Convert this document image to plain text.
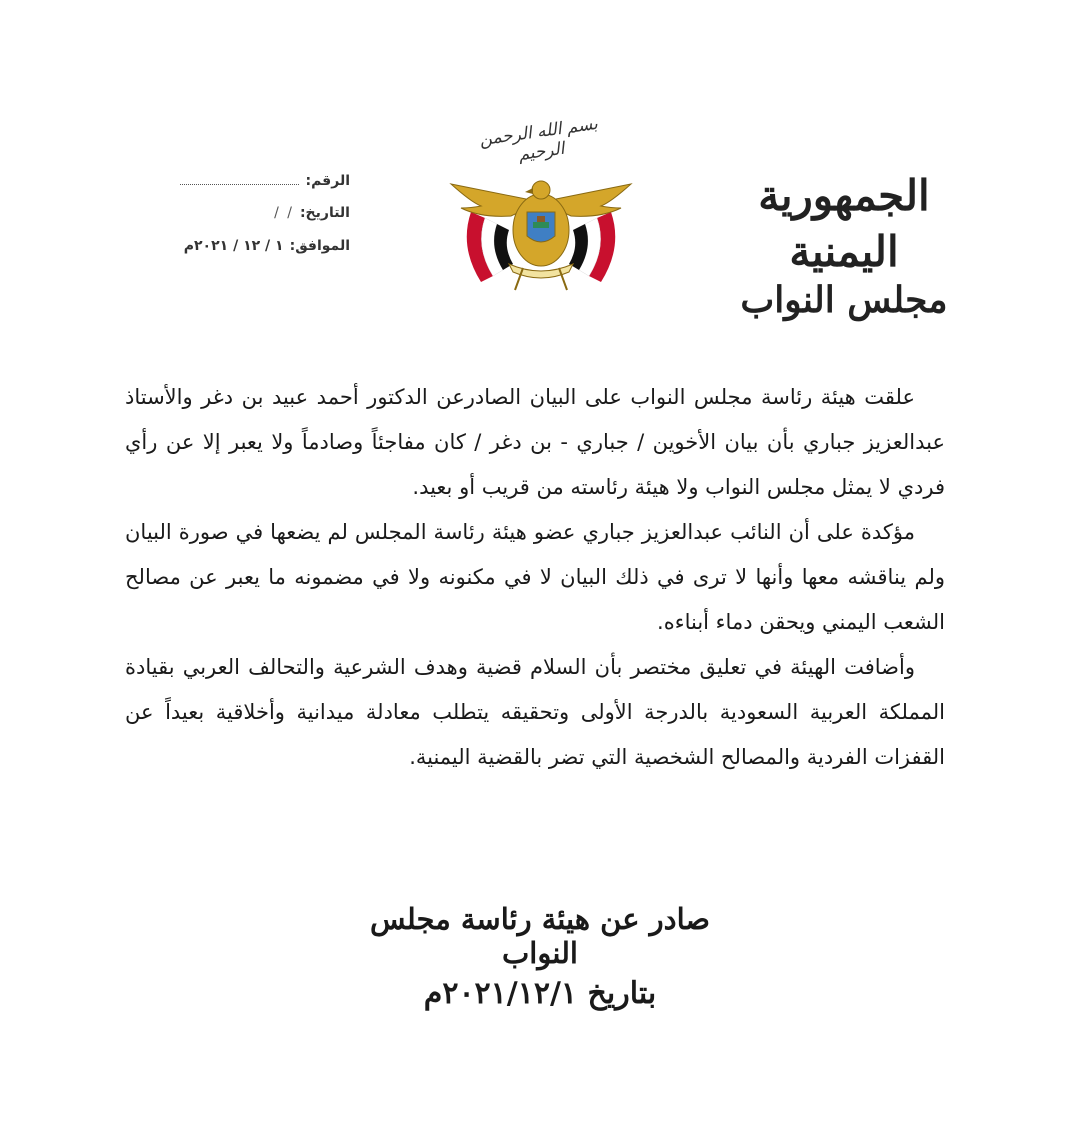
الجمهورية اليمنية
مجلس النواب
بسم الله الرحمن الرحيم
الرقم:
التاريخ:
/ /
الموافق:
١ / ١٢ / ٢٠٢١م

علقت هيئة رئاسة مجلس النواب على البيان الصادرعن الدكتور أحمد عبيد بن دغر والأستاذ عبدالعزيز جباري بأن بيان الأخوين / جباري - بن دغر / كان مفاجئاً وصادماً ولا يعبر إلا عن رأي فردي لا يمثل مجلس النواب ولا هيئة رئاسته من قريب أو بعيد.

مؤكدة على أن النائب عبدالعزيز جباري عضو هيئة رئاسة المجلس لم يضعها في صورة البيان ولم يناقشه معها وأنها لا ترى في ذلك البيان لا في مكنونه ولا في مضمونه ما يعبر عن مصالح الشعب اليمني ويحقن دماء أبناءه.

وأضافت الهيئة في تعليق مختصر بأن السلام قضية وهدف الشرعية والتحالف العربي بقيادة المملكة العربية السعودية بالدرجة الأولى وتحقيقه يتطلب معادلة ميدانية وأخلاقية بعيداً عن القفزات الفردية والمصالح الشخصية التي تضر بالقضية اليمنية.

صادر عن هيئة رئاسة مجلس النواب
بتاريخ ٢٠٢١/١٢/١م
